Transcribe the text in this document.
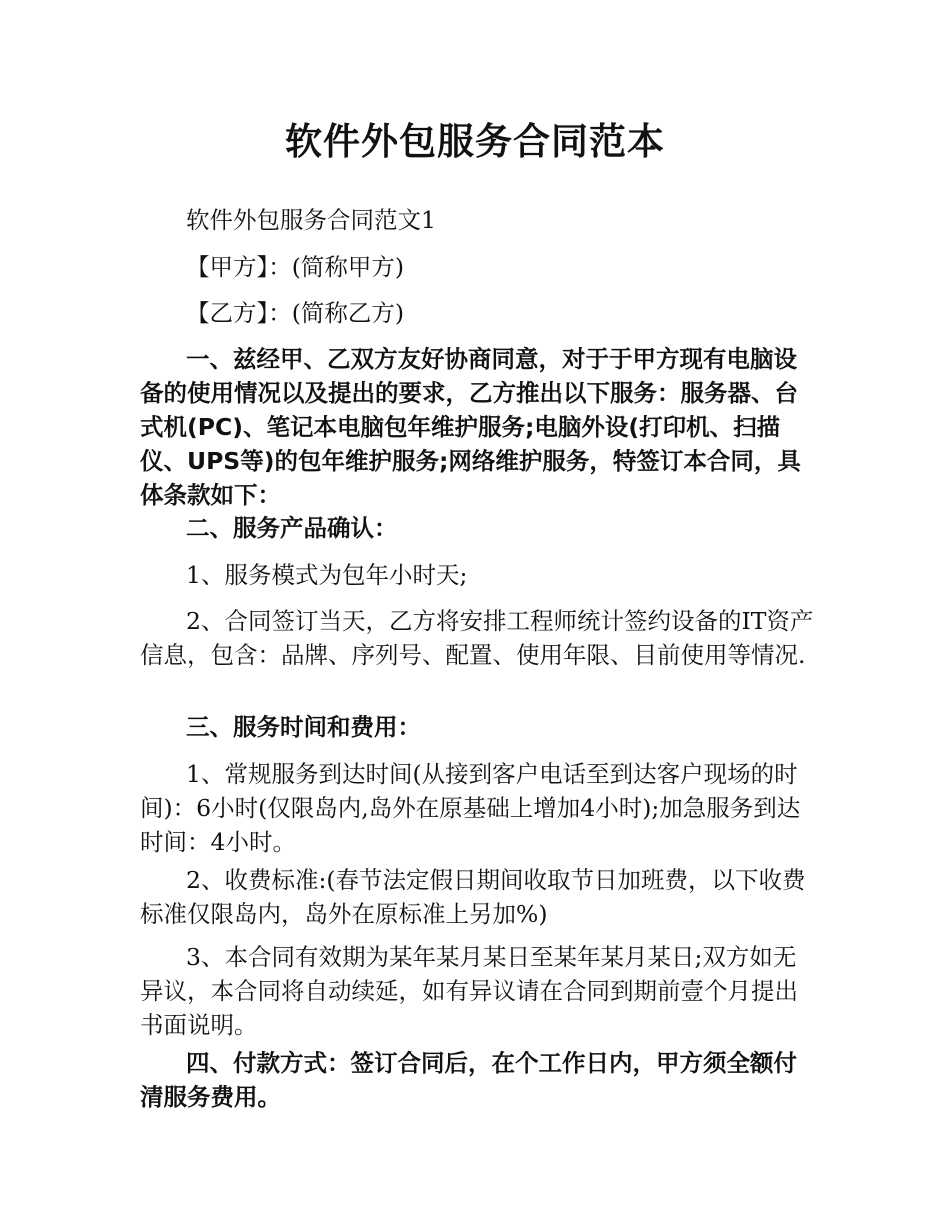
软件外包服务合同范本

软件外包服务合同范文1

【甲方】：(简称甲方)

【乙方】：(简称乙方)

一、兹经甲、乙双方友好协商同意，对于于甲方现有电脑设备的使用情况以及提出的要求，乙方推出以下服务：服务器、台式机(PC)、笔记本电脑包年维护服务;电脑外设(打印机、扫描仪、UPS等)的包年维护服务;网络维护服务，特签订本合同，具体条款如下：

二、服务产品确认：

1、服务模式为包年小时天;

2、合同签订当天，乙方将安排工程师统计签约设备的IT资产信息，包含：品牌、序列号、配置、使用年限、目前使用等情况.

三、服务时间和费用：

1、常规服务到达时间(从接到客户电话至到达客户现场的时间)：6小时(仅限岛内,岛外在原基础上增加4小时);加急服务到达时间：4小时。

2、收费标准:(春节法定假日期间收取节日加班费，以下收费标准仅限岛内，岛外在原标准上另加%)

3、本合同有效期为某年某月某日至某年某月某日;双方如无异议，本合同将自动续延，如有异议请在合同到期前壹个月提出书面说明。

四、付款方式：签订合同后，在个工作日内，甲方须全额付清服务费用。
